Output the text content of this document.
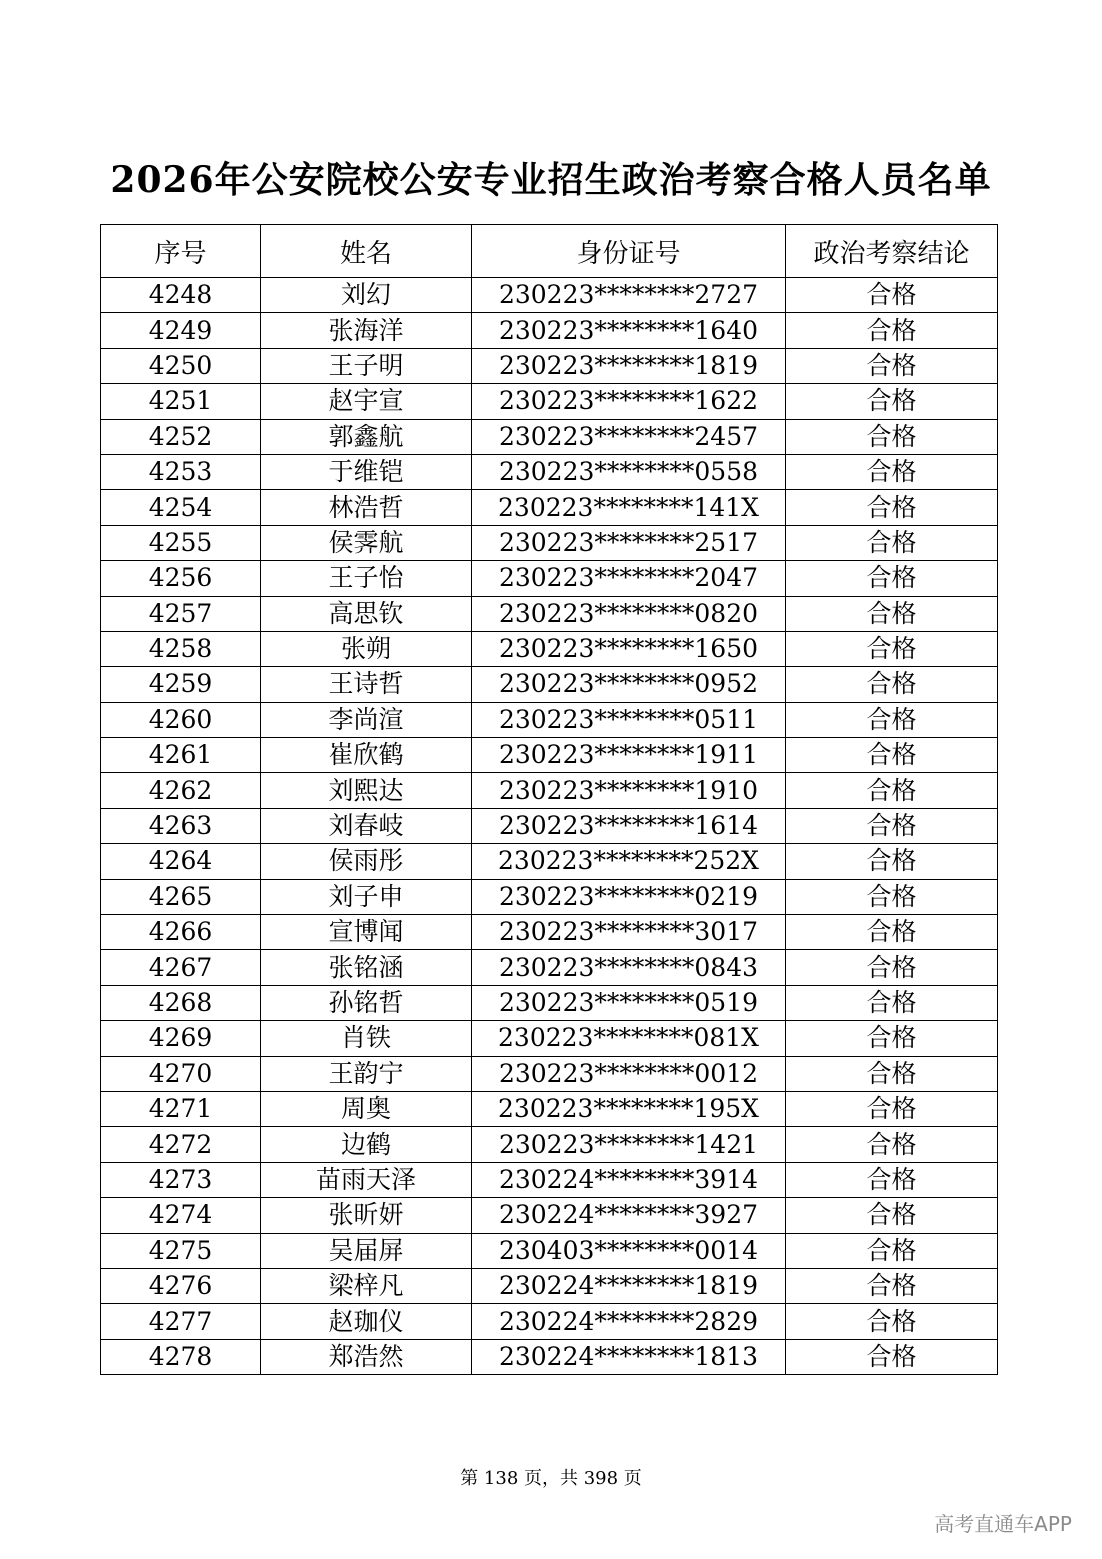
2026年公安院校公安专业招生政治考察合格人员名单
序号	姓名	身份证号	政治考察结论
4248	刘幻	230223********2727	合格
4249	张海洋	230223********1640	合格
4250	王子明	230223********1819	合格
4251	赵宇宣	230223********1622	合格
4252	郭鑫航	230223********2457	合格
4253	于维铠	230223********0558	合格
4254	林浩哲	230223********141X	合格
4255	侯霁航	230223********2517	合格
4256	王子怡	230223********2047	合格
4257	高思钦	230223********0820	合格
4258	张朔	230223********1650	合格
4259	王诗哲	230223********0952	合格
4260	李尚渲	230223********0511	合格
4261	崔欣鹤	230223********1911	合格
4262	刘熙达	230223********1910	合格
4263	刘春岐	230223********1614	合格
4264	侯雨彤	230223********252X	合格
4265	刘子申	230223********0219	合格
4266	宣博闻	230223********3017	合格
4267	张铭涵	230223********0843	合格
4268	孙铭哲	230223********0519	合格
4269	肖铁	230223********081X	合格
4270	王韵宁	230223********0012	合格
4271	周奥	230223********195X	合格
4272	边鹤	230223********1421	合格
4273	苗雨天泽	230224********3914	合格
4274	张昕妍	230224********3927	合格
4275	吴届屏	230403********0014	合格
4276	梁梓凡	230224********1819	合格
4277	赵珈仪	230224********2829	合格
4278	郑浩然	230224********1813	合格
第 138 页，共 398 页
高考直通车APP
